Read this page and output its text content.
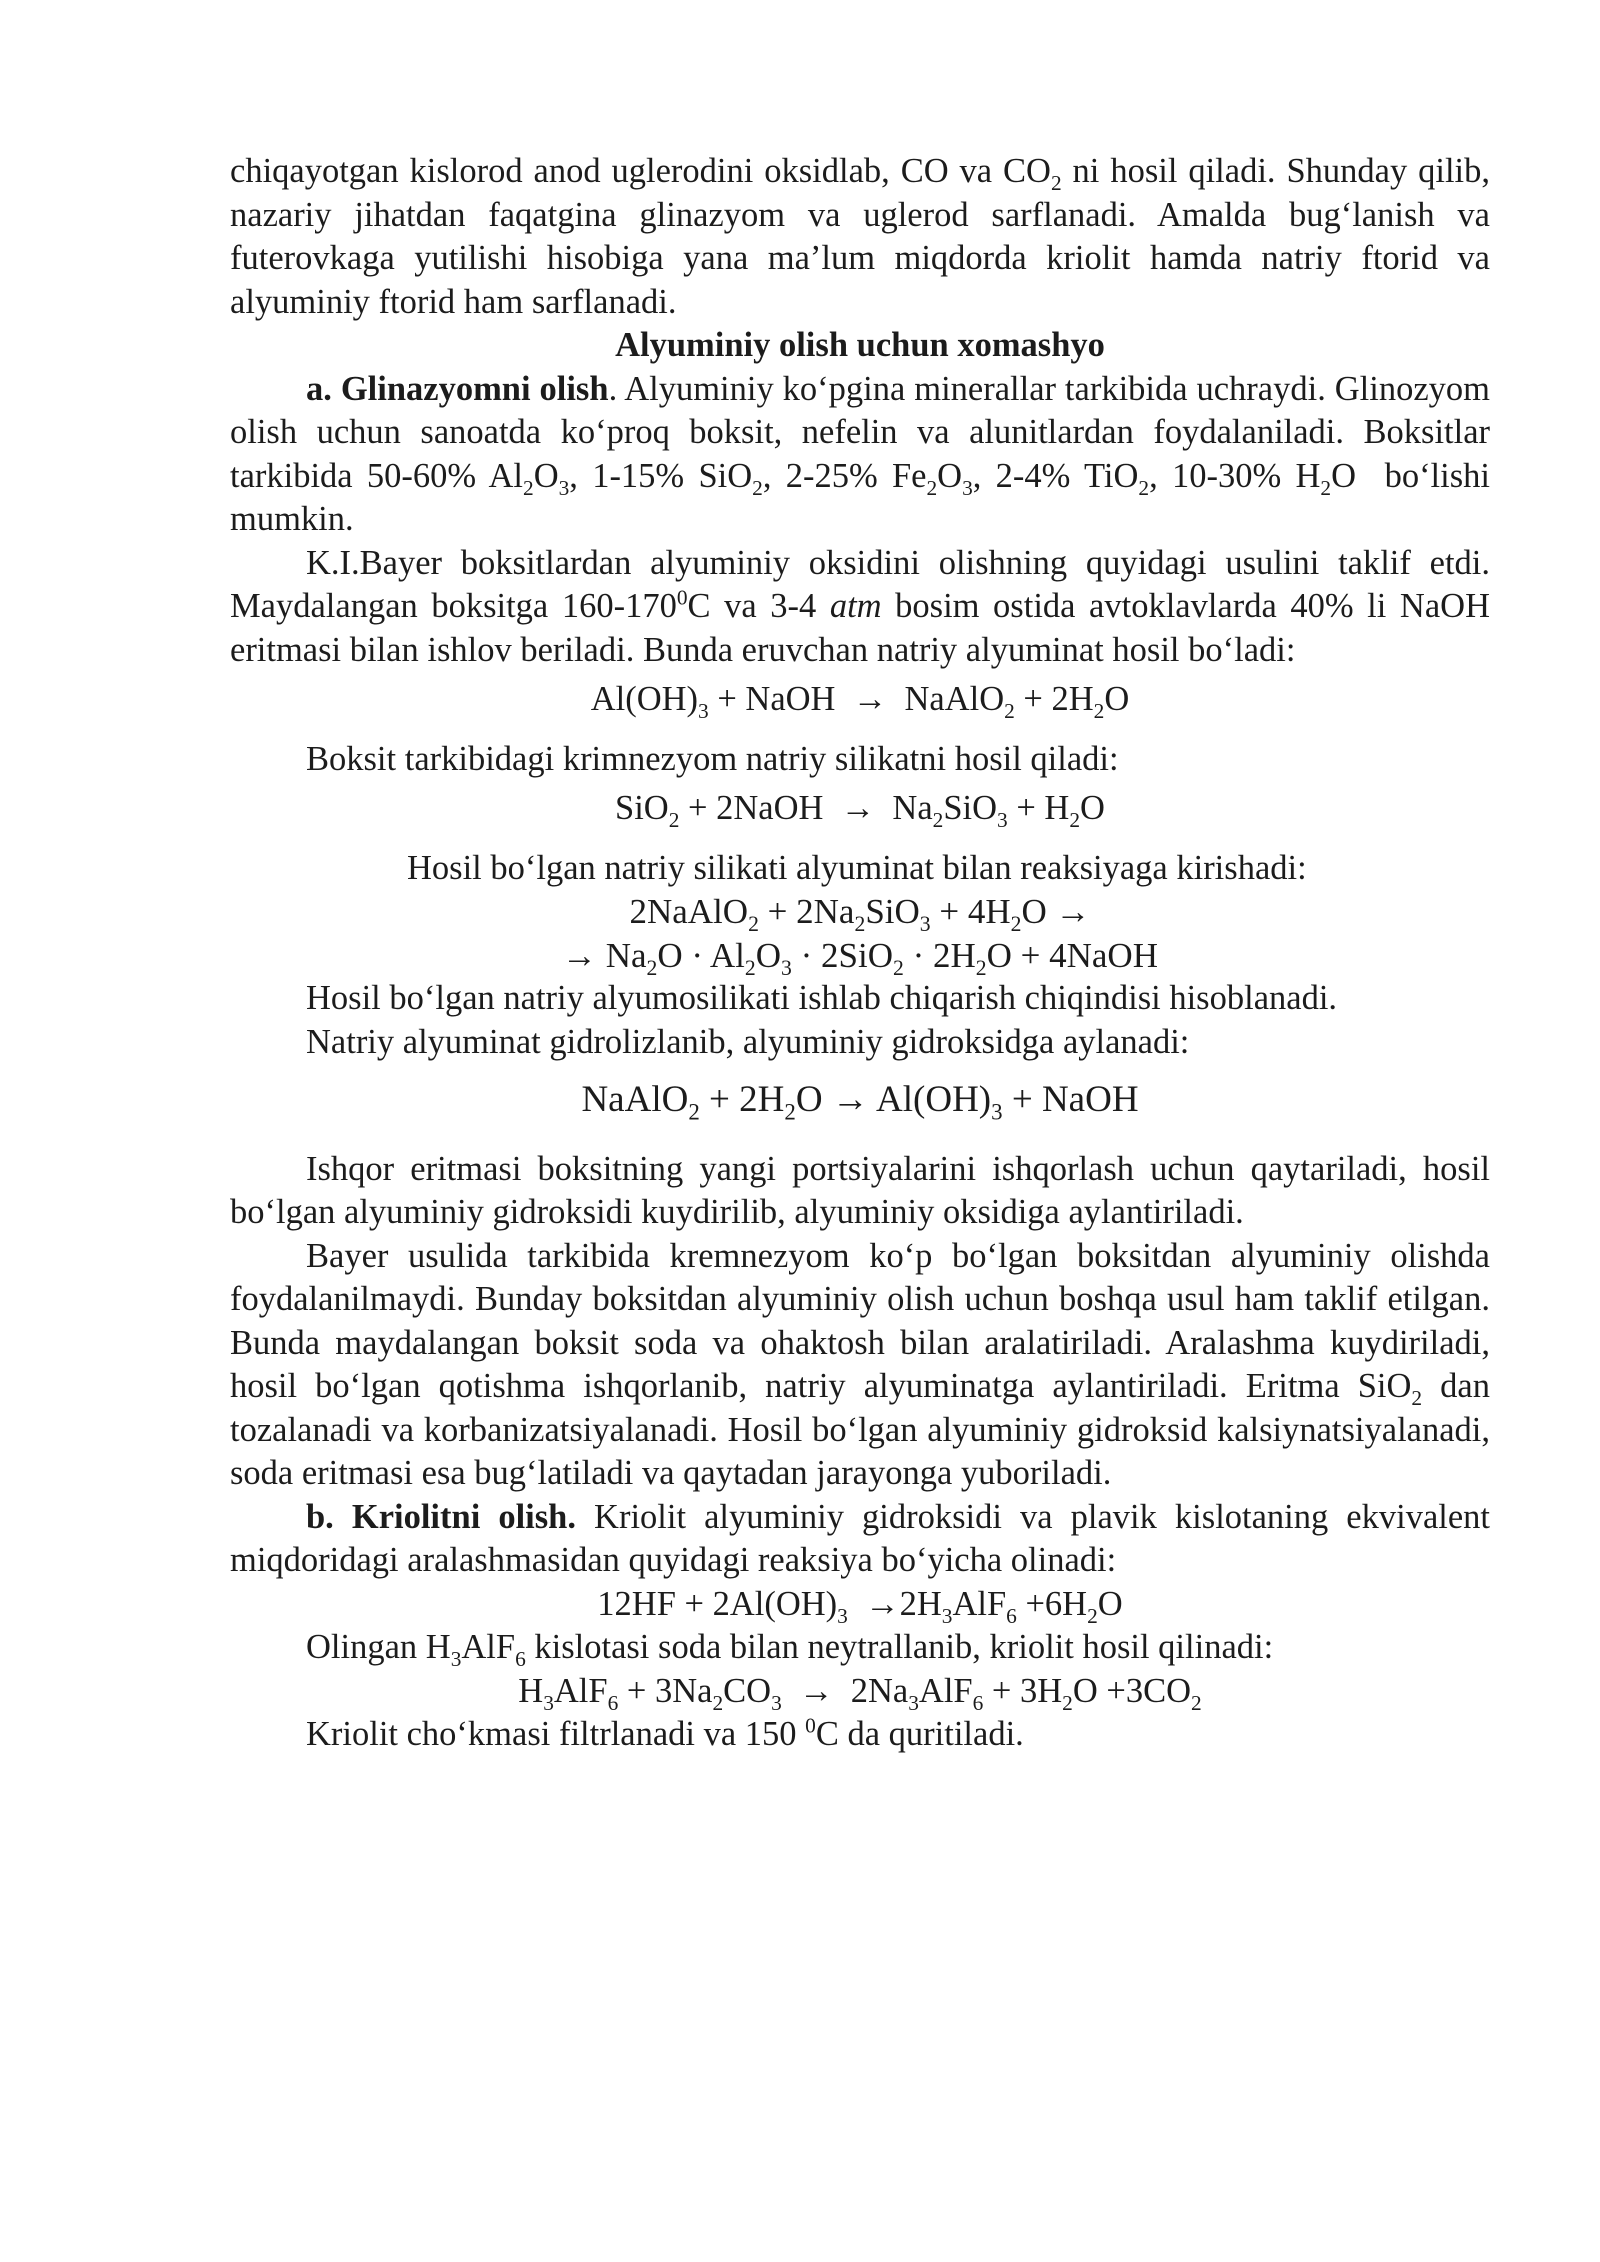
chiqayotgan kislorod anod uglerodini oksidlab, CO va $CO_2$ ni hosil qiladi. Shunday qilib, nazariy jihatdan faqatgina glinazyom va uglerod sarflanadi. Amalda bug‘lanish va futerovkaga yutilishi hisobiga yana ma’lum miqdorda kriolit hamda natriy ftorid va alyuminiy ftorid ham sarflanadi.

Alyuminiy olish uchun xomashyo

a. Glinazyomni olish. Alyuminiy ko‘pgina minerallar tarkibida uchraydi. Glinozyom olish uchun sanoatda ko‘proq boksit, nefelin va alunitlardan foydalaniladi. Boksitlar tarkibida 50-60% $Al_2O_3$, 1-15% SiO$_2$, 2-25% $Fe_2O_3$, 2-4% TiO$_2$, 10-30% $H_2O$  bo‘lishi mumkin.

K.I.Bayer boksitlardan alyuminiy oksidini olishning quyidagi usulini taklif etdi. Maydalangan boksitga $160-170^0C$ va 3-4 atm bosim ostida avtoklavlarda 40% li NaOH eritmasi bilan ishlov beriladi. Bunda eruvchan natriy alyuminat hosil bo‘ladi:

$Al(OH)_3$ + NaOH  →  NaAlO$_2$ + $2H_2O$

Boksit tarkibidagi krimnezyom natriy silikatni hosil qiladi:

SiO$_2$ + 2NaOH  →  $Na_2SiO_3 + H_2O$

Hosil bo‘lgan natriy silikati alyuminat bilan reaksiyaga kirishadi:

2NaAlO$_2$ + $2Na_2SiO_3 + 4H_2O$ →

→ $Na_2O \cdot Al_2O_3 \cdot 2SiO_2 \cdot 2H_2O$ + 4NaOH

Hosil bo‘lgan natriy alyumosilikati ishlab chiqarish chiqindisi hisoblanadi.

Natriy alyuminat gidrolizlanib, alyuminiy gidroksidga aylanadi:

NaAlO$_2$ + $2H_2O \to Al(OH)_3$ + NaOH

Ishqor eritmasi boksitning yangi portsiyalarini ishqorlash uchun qaytariladi, hosil bo‘lgan alyuminiy gidroksidi kuydirilib, alyuminiy oksidiga aylantiriladi.

Bayer usulida tarkibida kremnezyom ko‘p bo‘lgan boksitdan alyuminiy olishda foydalanilmaydi. Bunday boksitdan alyuminiy olish uchun boshqa usul ham taklif etilgan. Bunda maydalangan boksit soda va ohaktosh bilan aralatiriladi. Aralashma kuydiriladi, hosil bo‘lgan qotishma ishqorlanib, natriy alyuminatga aylantiriladi. Eritma SiO$_2$ dan tozalanadi va korbanizatsiyalanadi. Hosil bo‘lgan alyuminiy gidroksid kalsiynatsiyalanadi, soda eritmasi esa bug‘latiladi va qaytadan jarayonga yuboriladi.

b. Kriolitni olish. Kriolit alyuminiy gidroksidi va plavik kislotaning ekvivalent miqdoridagi aralashmasidan quyidagi reaksiya bo‘yicha olinadi:

$12HF + 2Al(OH)_3 \to 2H_3AlF_6 +6H_2O$

Olingan $H_3AlF_6$ kislotasi soda bilan neytrallanib, kriolit hosil qilinadi:

$H_3AlF_6 + 3Na_2CO_3 \to 2Na_3AlF_6 + 3H_2O +3CO_2$

Kriolit cho‘kmasi filtrlanadi va 150 $^0$C da quritiladi.
